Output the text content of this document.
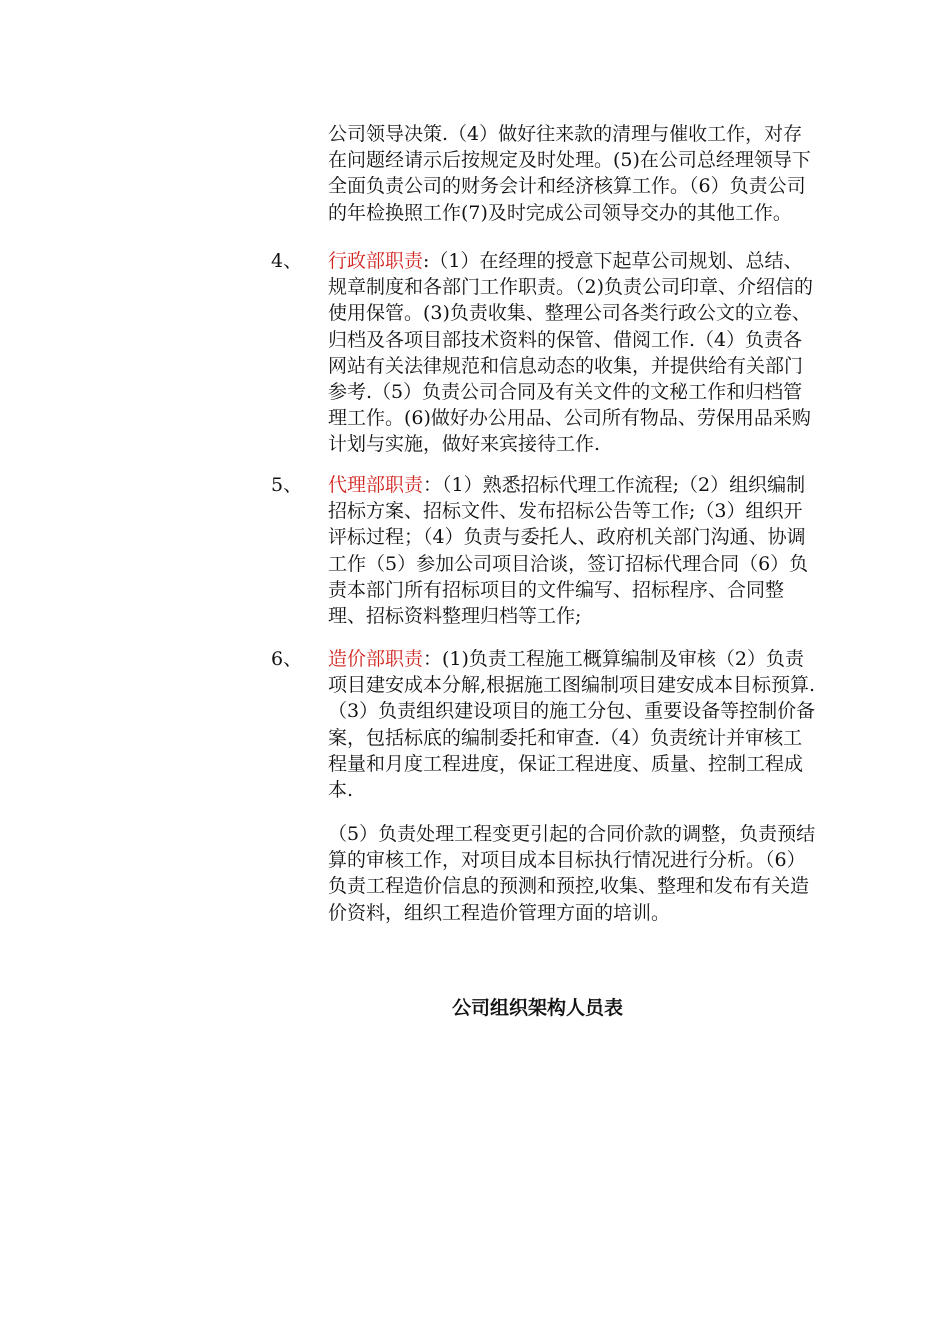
公司领导决策.（4）做好往来款的清理与催收工作，对存在问题经请示后按规定及时处理。(5)在公司总经理领导下全面负责公司的财务会计和经济核算工作。（6）负责公司的年检换照工作(7)及时完成公司领导交办的其他工作。
4、 行政部职责:（1）在经理的授意下起草公司规划、总结、规章制度和各部门工作职责。（2)负责公司印章、介绍信的使用保管。(3)负责收集、整理公司各类行政公文的立卷、归档及各项目部技术资料的保管、借阅工作.（4）负责各网站有关法律规范和信息动态的收集，并提供给有关部门参考.（5）负责公司合同及有关文件的文秘工作和归档管理工作。(6)做好办公用品、公司所有物品、劳保用品采购计划与实施，做好来宾接待工作.
5、 代理部职责：（1）熟悉招标代理工作流程;（2）组织编制招标方案、招标文件、发布招标公告等工作;（3）组织开评标过程；（4）负责与委托人、政府机关部门沟通、协调工作（5）参加公司项目洽谈，签订招标代理合同（6）负责本部门所有招标项目的文件编写、招标程序、合同整理、招标资料整理归档等工作;
6、 造价部职责：(1)负责工程施工概算编制及审核（2）负责项目建安成本分解,根据施工图编制项目建安成本目标预算.（3）负责组织建设项目的施工分包、重要设备等控制价备案，包括标底的编制委托和审查.（4）负责统计并审核工程量和月度工程进度，保证工程进度、质量、控制工程成本.
（5）负责处理工程变更引起的合同价款的调整，负责预结算的审核工作，对项目成本目标执行情况进行分析。（6）负责工程造价信息的预测和预控,收集、整理和发布有关造价资料，组织工程造价管理方面的培训。
公司组织架构人员表
